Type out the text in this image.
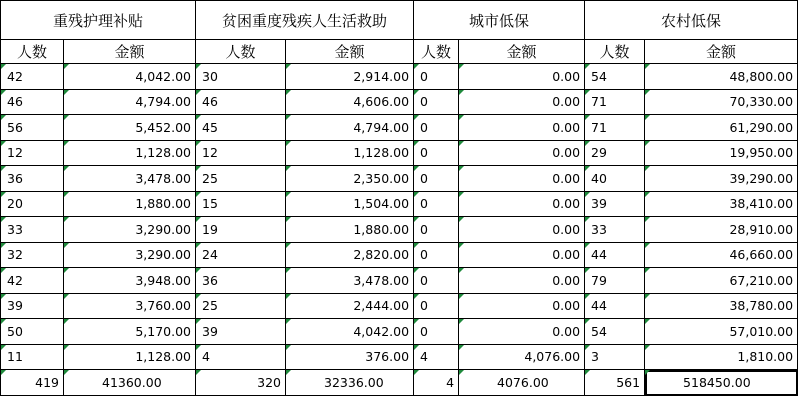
重残护理补贴		贫困重度残疾人生活救助		城市低保		农村低保	
人数	金额	人数	金额	人数	金额	人数	金额
42	4,042.00	30	2,914.00	0	0.00	54	48,800.00
46	4,794.00	46	4,606.00	0	0.00	71	70,330.00
56	5,452.00	45	4,794.00	0	0.00	71	61,290.00
12	1,128.00	12	1,128.00	0	0.00	29	19,950.00
36	3,478.00	25	2,350.00	0	0.00	40	39,290.00
20	1,880.00	15	1,504.00	0	0.00	39	38,410.00
33	3,290.00	19	1,880.00	0	0.00	33	28,910.00
32	3,290.00	24	2,820.00	0	0.00	44	46,660.00
42	3,948.00	36	3,478.00	0	0.00	79	67,210.00
39	3,760.00	25	2,444.00	0	0.00	44	38,780.00
50	5,170.00	39	4,042.00	0	0.00	54	57,010.00
11	1,128.00	4	376.00	4	4,076.00	3	1,810.00
419	41360.00	320	32336.00	4	4076.00	561	518450.00
